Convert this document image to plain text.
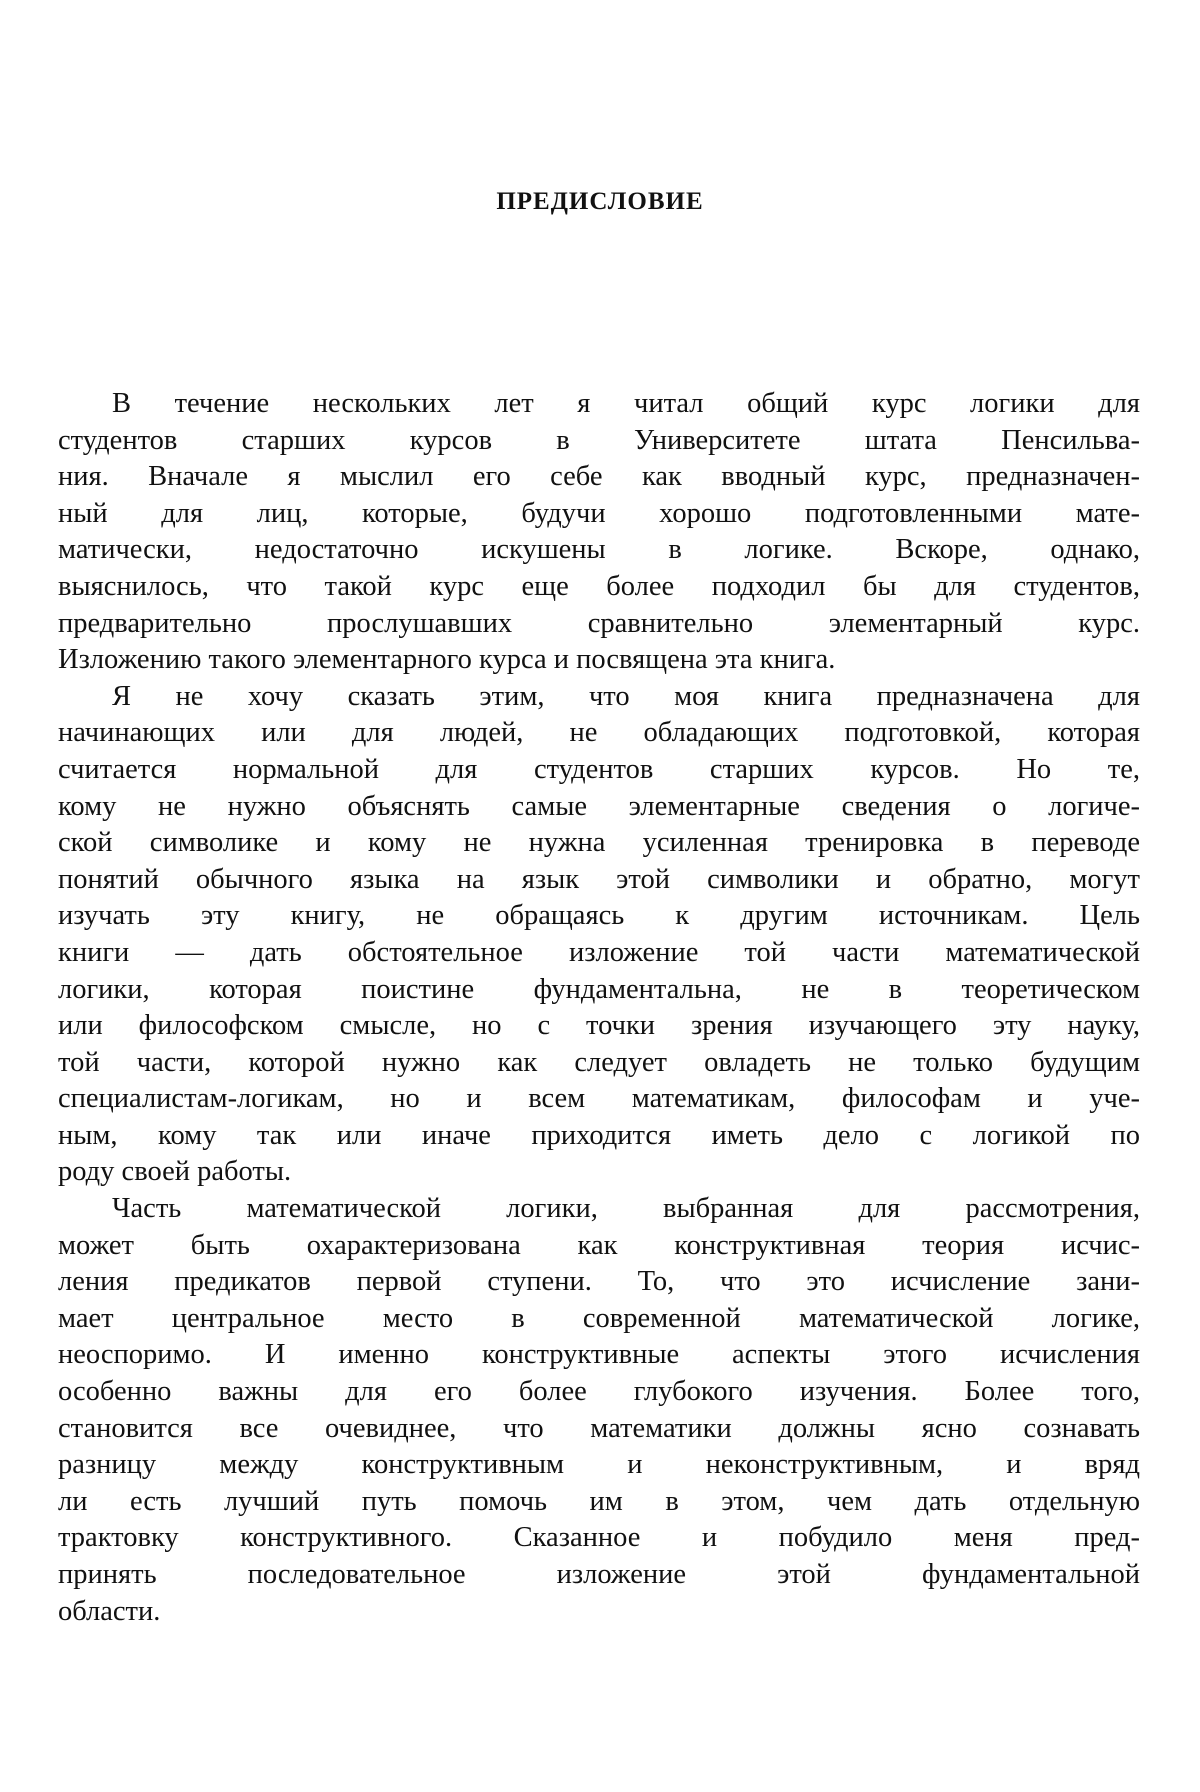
ПРЕДИСЛОВИЕ
В течение нескольких лет я читал общий курс логики для
студентов старших курсов в Университете штата Пенсильва-
ния. Вначале я мыслил его себе как вводный курс, предназначен-
ный для лиц, которые, будучи хорошо подготовленными мате-
матически, недостаточно искушены в логике. Вскоре, однако,
выяснилось, что такой курс еще более подходил бы для студентов,
предварительно прослушавших сравнительно элементарный курс.
Изложению такого элементарного курса и посвящена эта книга.
Я не хочу сказать этим, что моя книга предназначена для
начинающих или для людей, не обладающих подготовкой, которая
считается нормальной для студентов старших курсов. Но те,
кому не нужно объяснять самые элементарные сведения о логиче-
ской символике и кому не нужна усиленная тренировка в переводе
понятий обычного языка на язык этой символики и обратно, могут
изучать эту книгу, не обращаясь к другим источникам. Цель
книги — дать обстоятельное изложение той части математической
логики, которая поистине фундаментальна, не в теоретическом
или философском смысле, но с точки зрения изучающего эту науку,
той части, которой нужно как следует овладеть не только будущим
специалистам-логикам, но и всем математикам, философам и уче-
ным, кому так или иначе приходится иметь дело с логикой по
роду своей работы.
Часть математической логики, выбранная для рассмотрения,
может быть охарактеризована как конструктивная теория исчис-
ления предикатов первой ступени. То, что это исчисление зани-
мает центральное место в современной математической логике,
неоспоримо. И именно конструктивные аспекты этого исчисления
особенно важны для его более глубокого изучения. Более того,
становится все очевиднее, что математики должны ясно сознавать
разницу между конструктивным и неконструктивным, и вряд
ли есть лучший путь помочь им в этом, чем дать отдельную
трактовку конструктивного. Сказанное и побудило меня пред-
принять последовательное изложение этой фундаментальной
области.
